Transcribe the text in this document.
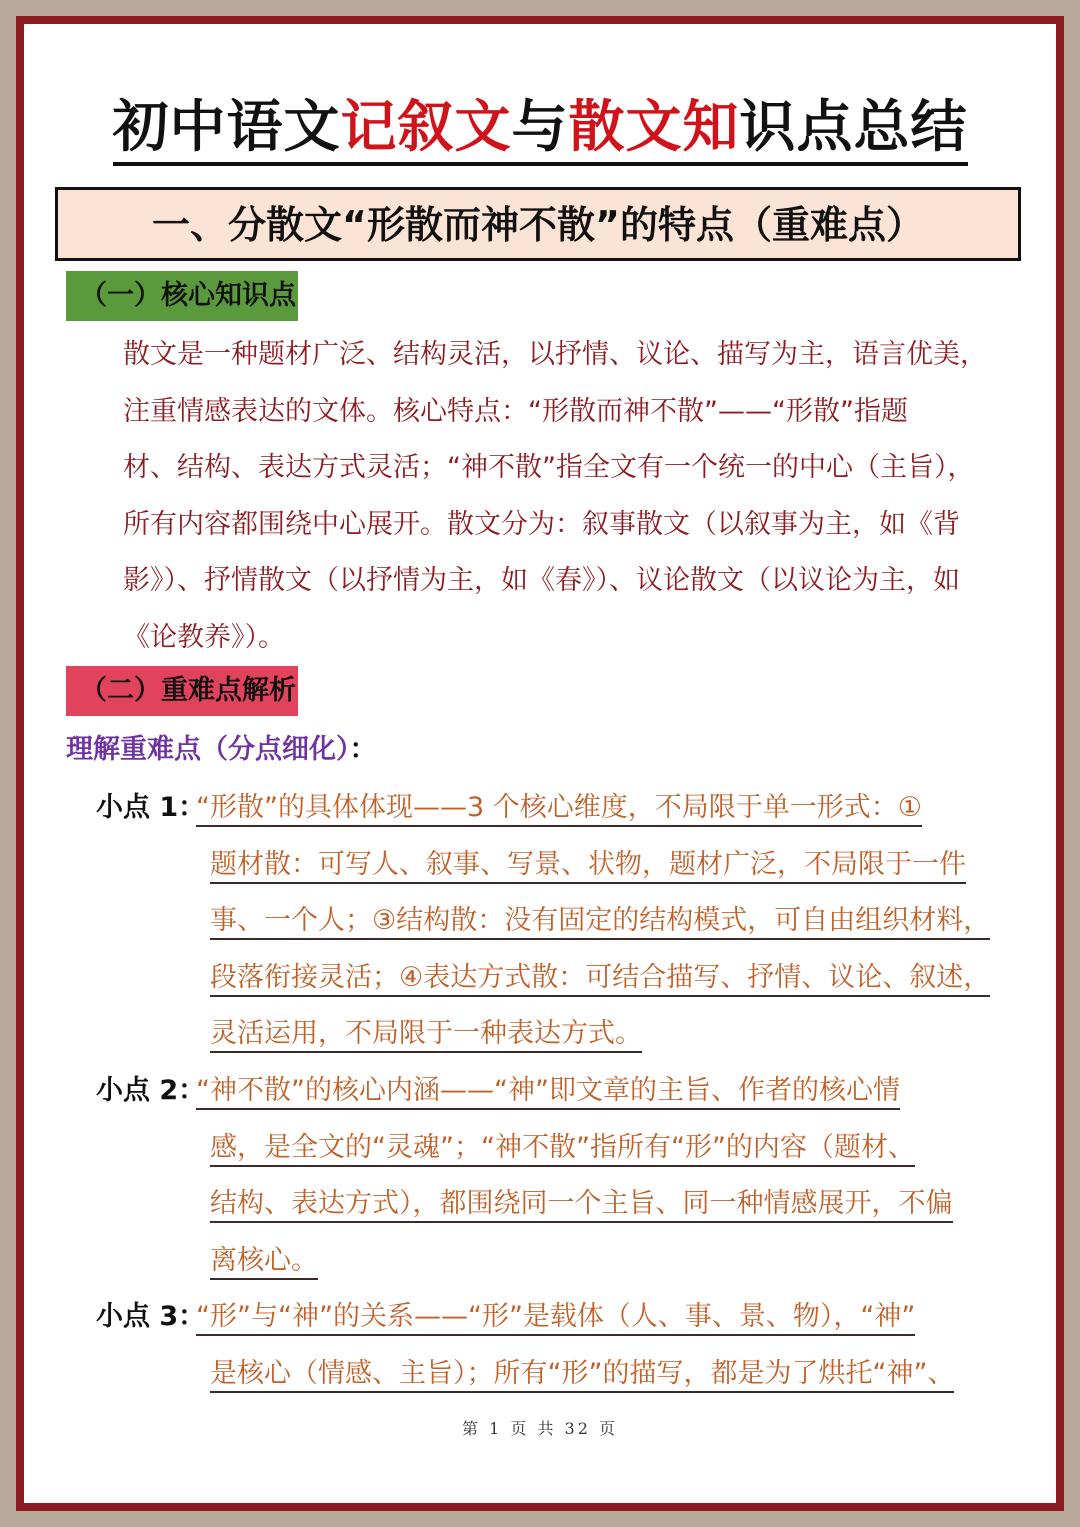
初中语文记叙文与散文知识点总结
一、分散文“形散而神不散”的特点（重难点）
（一）核心知识点
散文是一种题材广泛、结构灵活，以抒情、议论、描写为主，语言优美，
注重情感表达的文体。核心特点：“形散而神不散”——“形散”指题
材、结构、表达方式灵活；“神不散”指全文有一个统一的中心（主旨），
所有内容都围绕中心展开。散文分为：叙事散文（以叙事为主，如《背
影》）、抒情散文（以抒情为主，如《春》）、议论散文（以议论为主，如
《论教养》）。
（二）重难点解析
理解重难点（分点细化）：
小点 1：
“形散”的具体体现——3 个核心维度，不局限于单一形式：①
题材散：可写人、叙事、写景、状物，题材广泛，不局限于一件
事、一个人；③结构散：没有固定的结构模式，可自由组织材料，
段落衔接灵活；④表达方式散：可结合描写、抒情、议论、叙述，
灵活运用，不局限于一种表达方式。
小点 2：
“神不散”的核心内涵——“神”即文章的主旨、作者的核心情
感，是全文的“灵魂”；“神不散”指所有“形”的内容（题材、
结构、表达方式），都围绕同一个主旨、同一种情感展开，不偏
离核心。
小点 3：
“形”与“神”的关系——“形”是载体（人、事、景、物），“神”
是核心（情感、主旨）；所有“形”的描写，都是为了烘托“神”、
第 1 页 共 32 页
